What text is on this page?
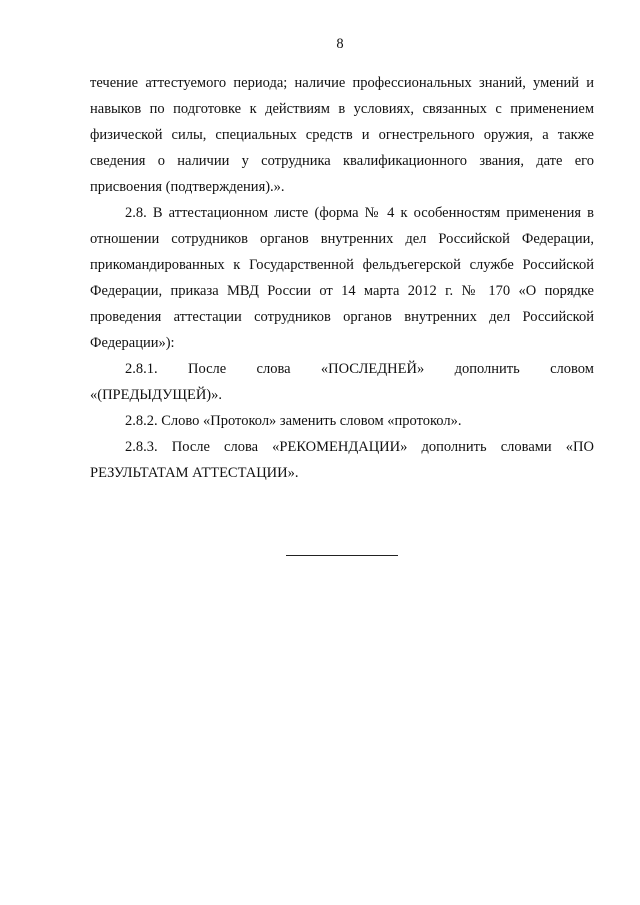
8

течение аттестуемого периода; наличие профессиональных знаний, умений и навыков по подготовке к действиям в условиях, связанных с применением физической силы, специальных средств и огнестрельного оружия, а также сведения о наличии у сотрудника квалификационного звания, дате его присвоения (подтверждения).».

2.8. В аттестационном листе (форма № 4 к особенностям применения в отношении сотрудников органов внутренних дел Российской Федерации, прикомандированных к Государственной фельдъегерской службе Российской Федерации, приказа МВД России от 14 марта 2012 г. № 170 «О порядке проведения аттестации сотрудников органов внутренних дел Российской Федерации»):

2.8.1. После слова «ПОСЛЕДНЕЙ» дополнить словом
«(ПРЕДЫДУЩЕЙ)».

2.8.2. Слово «Протокол» заменить словом «протокол».

2.8.3. После слова «РЕКОМЕНДАЦИИ» дополнить словами «ПО РЕЗУЛЬТАТАМ АТТЕСТАЦИИ».
